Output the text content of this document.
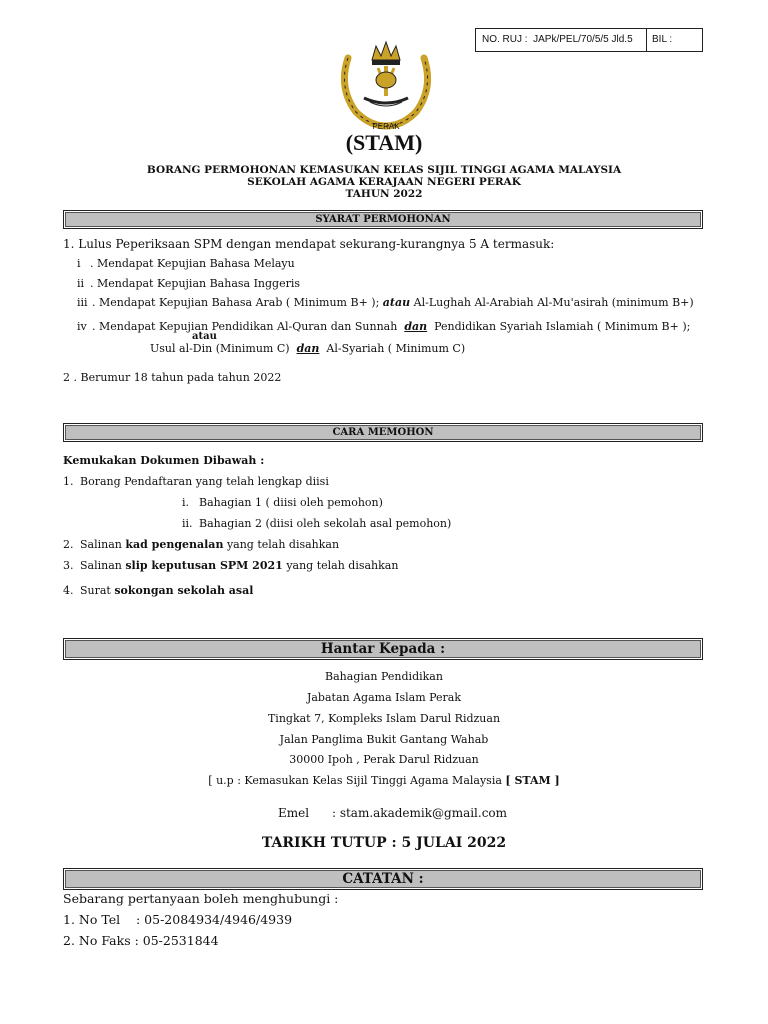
NO. RUJ : JAPk/PEL/70/5/5 Jld.5 BIL :
PERAK
(STAM)
BORANG PERMOHONAN KEMASUKAN KELAS SIJIL TINGGI AGAMA MALAYSIA
SEKOLAH AGAMA KERAJAAN NEGERI PERAK
TAHUN 2022
SYARAT PERMOHONAN
1. Lulus Peperiksaan SPM dengan mendapat sekurang-kurangnya 5 A termasuk:
i . Mendapat Kepujian Bahasa Melayu
ii . Mendapat Kepujian Bahasa Inggeris
iii . Mendapat Kepujian Bahasa Arab ( Minimum B+ ); atau Al-Lughah Al-Arabiah Al-Mu'asirah (minimum B+)
iv . Mendapat Kepujian Pendidikan Al-Quran dan Sunnah dan Pendidikan Syariah Islamiah ( Minimum B+ );
atau
Usul al-Din (Minimum C) dan Al-Syariah ( Minimum C)
2 . Berumur 18 tahun pada tahun 2022
CARA MEMOHON
Kemukakan Dokumen Dibawah :
1. Borang Pendaftaran yang telah lengkap diisi
i. Bahagian 1 ( diisi oleh pemohon)
ii. Bahagian 2 (diisi oleh sekolah asal pemohon)
2. Salinan kad pengenalan yang telah disahkan
3. Salinan slip keputusan SPM 2021 yang telah disahkan
4. Surat sokongan sekolah asal
Hantar Kepada :
Bahagian Pendidikan
Jabatan Agama Islam Perak
Tingkat 7, Kompleks Islam Darul Ridzuan
Jalan Panglima Bukit Gantang Wahab
30000 Ipoh , Perak Darul Ridzuan
[ u.p : Kemasukan Kelas Sijil Tinggi Agama Malaysia [ STAM ]
Emel : stam.akademik@gmail.com
TARIKH TUTUP : 5 JULAI 2022
CATATAN :
Sebarang pertanyaan boleh menghubungi :
1. No Tel    : 05-2084934/4946/4939
2. No Faks : 05-2531844
